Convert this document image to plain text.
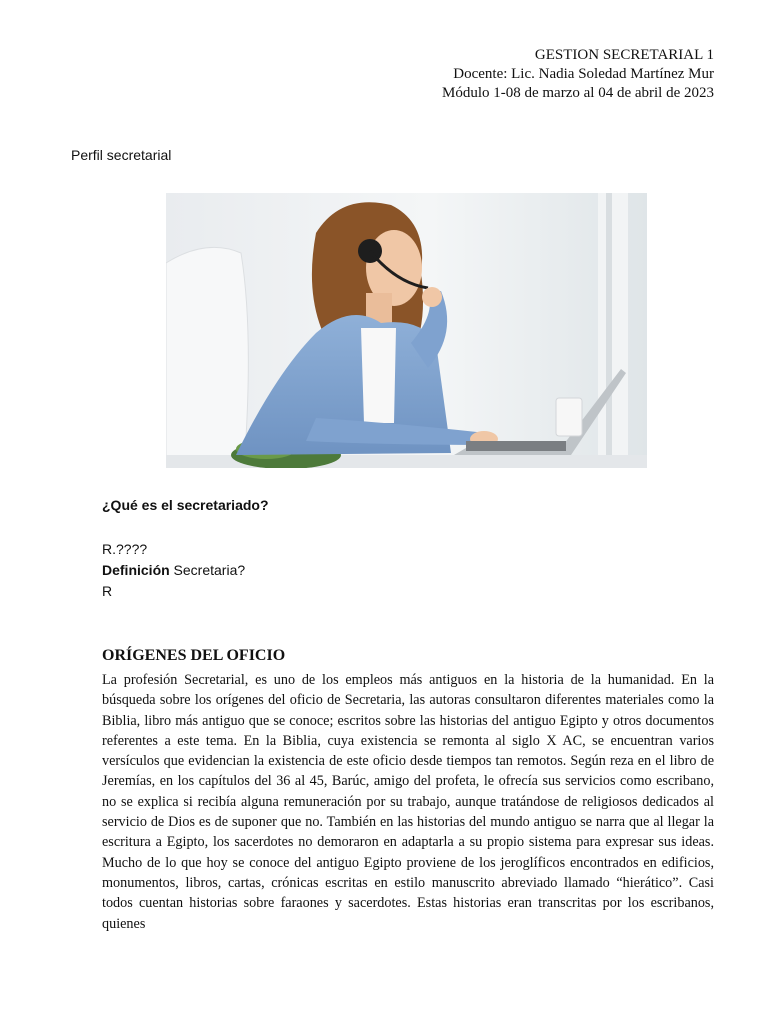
GESTION SECRETARIAL 1
Docente: Lic. Nadia Soledad Martínez Mur
Módulo 1-08 de marzo al 04 de abril de 2023
Perfil secretarial
¿Qué es el secretariado?
R.????
Definición Secretaria?
R
ORÍGENES DEL OFICIO

La profesión Secretarial, es uno de los empleos más antiguos en la historia de la humanidad. En la búsqueda sobre los orígenes del oficio de Secretaria, las autoras consultaron diferentes materiales como la Biblia, libro más antiguo que se conoce; escritos sobre las historias del antiguo Egipto y otros documentos referentes a este tema. En la Biblia, cuya existencia se remonta al siglo X AC, se encuentran varios versículos que evidencian la existencia de este oficio desde tiempos tan remotos. Según reza en el libro de Jeremías, en los capítulos del 36 al 45, Barúc, amigo del profeta, le ofrecía sus servicios como escribano, no se explica si recibía alguna remuneración por su trabajo, aunque tratándose de religiosos dedicados al servicio de Dios es de suponer que no. También en las historias del mundo antiguo se narra que al llegar la escritura a Egipto, los sacerdotes no demoraron en adaptarla a su propio sistema para expresar sus ideas. Mucho de lo que hoy se conoce del antiguo Egipto proviene de los jeroglíficos encontrados en edificios, monumentos, libros, cartas, crónicas escritas en estilo manuscrito abreviado llamado “hierático”. Casi todos cuentan historias sobre faraones y sacerdotes. Estas historias eran transcritas por los escribanos, quienes
